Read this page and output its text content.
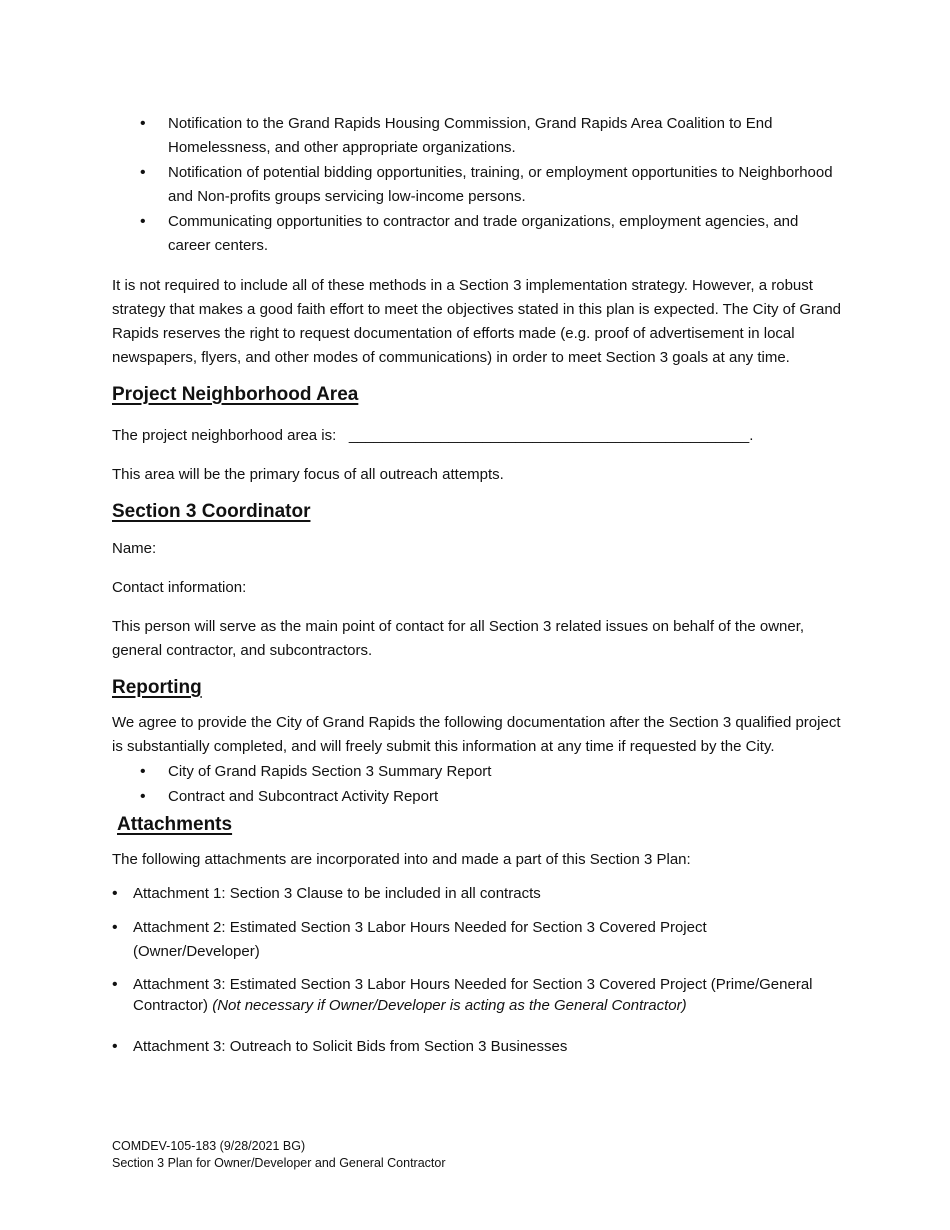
• Notification to the Grand Rapids Housing Commission, Grand Rapids Area Coalition to End Homelessness, and other appropriate organizations.
• Notification of potential bidding opportunities, training, or employment opportunities to Neighborhood and Non-profits groups servicing low-income persons.
• Communicating opportunities to contractor and trade organizations, employment agencies, and career centers.

It is not required to include all of these methods in a Section 3 implementation strategy. However, a robust strategy that makes a good faith effort to meet the objectives stated in this plan is expected. The City of Grand Rapids reserves the right to request documentation of efforts made (e.g. proof of advertisement in local newspapers, flyers, and other modes of communications) in order to meet Section 3 goals at any time.

Project Neighborhood Area

The project neighborhood area is:   ________________________________________________.

This area will be the primary focus of all outreach attempts.

Section 3 Coordinator

Name:

Contact information:

This person will serve as the main point of contact for all Section 3 related issues on behalf of the owner, general contractor, and subcontractors.

Reporting

We agree to provide the City of Grand Rapids the following documentation after the Section 3 qualified project is substantially completed, and will freely submit this information at any time if requested by the City.

• City of Grand Rapids Section 3 Summary Report
• Contract and Subcontract Activity Report
Attachments

The following attachments are incorporated into and made a part of this Section 3 Plan:

• Attachment 1: Section 3 Clause to be included in all contracts
• Attachment 2: Estimated Section 3 Labor Hours Needed for Section 3 Covered Project (Owner/Developer)
• Attachment 3: Estimated Section 3 Labor Hours Needed for Section 3 Covered Project (Prime/General Contractor) (Not necessary if Owner/Developer is acting as the General Contractor)
• Attachment 3: Outreach to Solicit Bids from Section 3 Businesses
COMDEV-105-183 (9/28/2021 BG)
Section 3 Plan for Owner/Developer and General Contractor
